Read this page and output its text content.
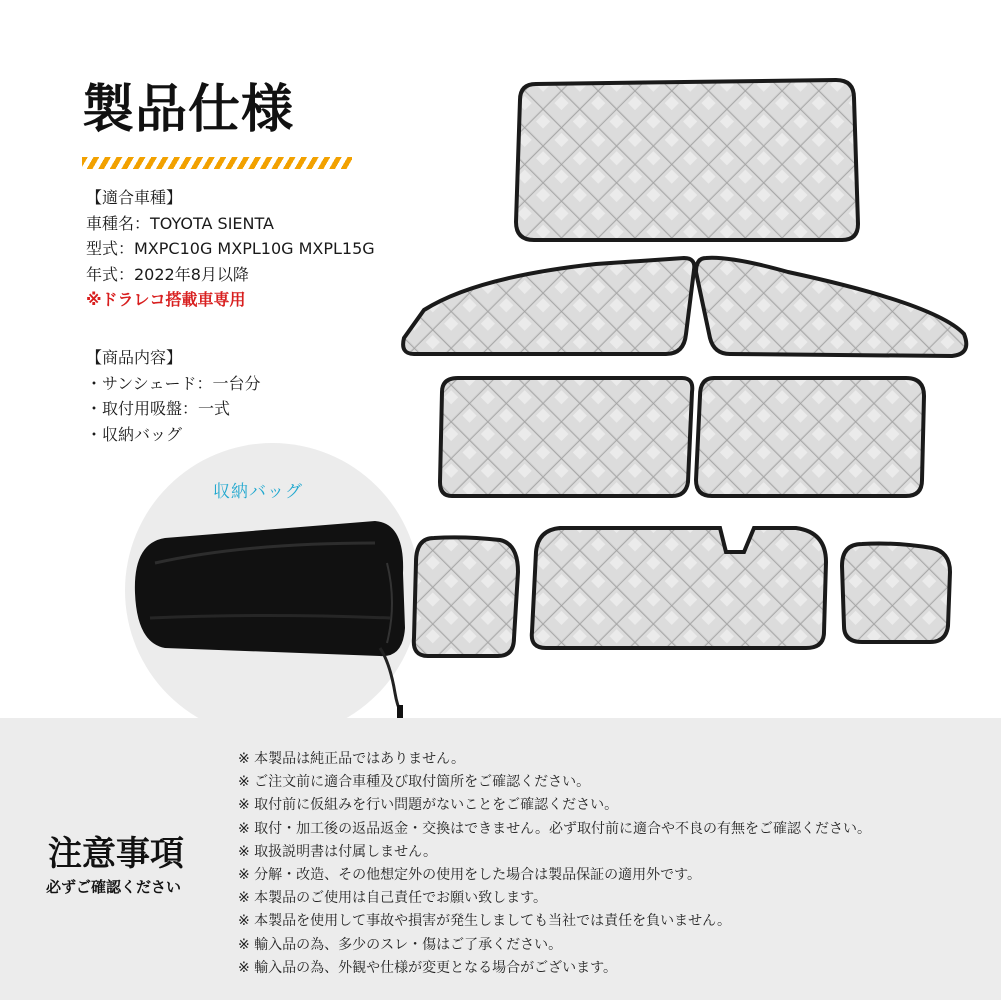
製品仕様
【適合車種】
車種名：TOYOTA SIENTA
型式：MXPC10G MXPL10G MXPL15G
年式：2022年8月以降
※ドラレコ搭載車専用
【商品内容】
・サンシェード：一台分
・取付用吸盤：一式
・収納バッグ
収納バッグ
注意事項
必ずご確認ください
※ 本製品は純正品ではありません。
※ ご注文前に適合車種及び取付箇所をご確認ください。
※ 取付前に仮組みを行い問題がないことをご確認ください。
※ 取付・加工後の返品返金・交換はできません。必ず取付前に適合や不良の有無をご確認ください。
※ 取扱説明書は付属しません。
※ 分解・改造、その他想定外の使用をした場合は製品保証の適用外です。
※ 本製品のご使用は自己責任でお願い致します。
※ 本製品を使用して事故や損害が発生しましても当社では責任を負いません。
※ 輸入品の為、多少のスレ・傷はご了承ください。
※ 輸入品の為、外観や仕様が変更となる場合がございます。
